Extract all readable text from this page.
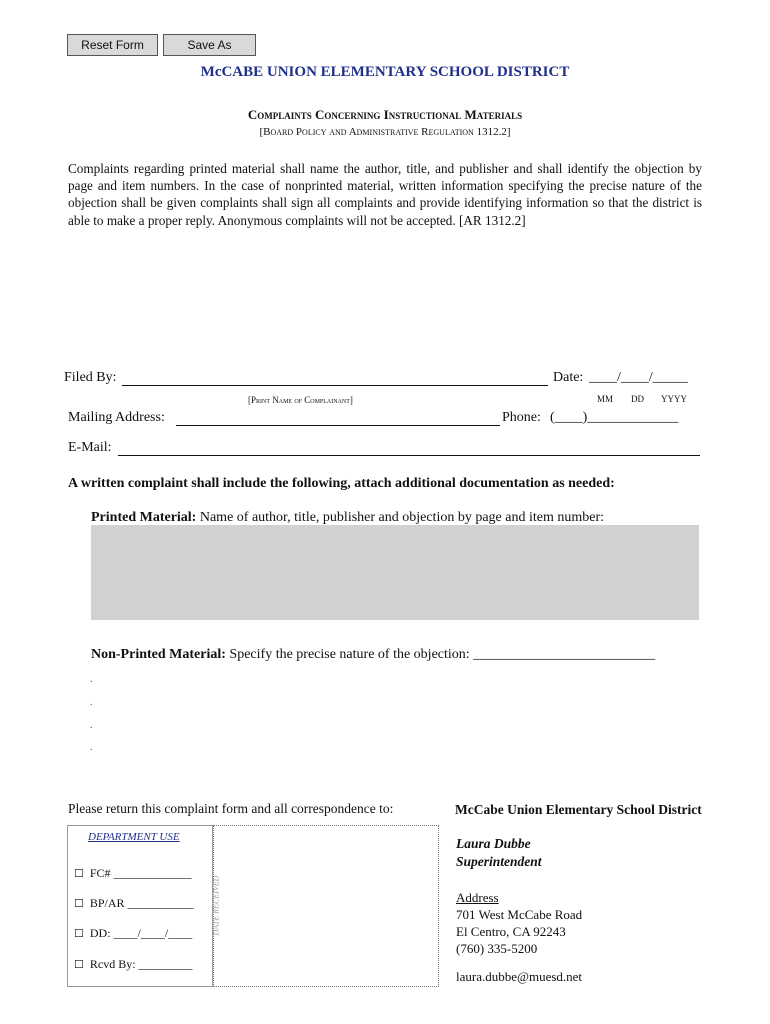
Reset Form	Save As
McCABE UNION ELEMENTARY SCHOOL DISTRICT
Complaints Concerning Instructional Materials
[Board Policy and Administrative Regulation 1312.2]
Complaints regarding printed material shall name the author, title, and publisher and shall identify the objection by page and item numbers. In the case of nonprinted material, written information specifying the precise nature of the objection shall be given complaints shall sign all complaints and provide identifying information so that the district is able to make a proper reply. Anonymous complaints will not be accepted. [AR 1312.2]
Filed By:	Date: ____/____/_____
[Print Name of Complainant]	MM DD YYYY
Mailing Address:	Phone: (____)_____________
E-Mail:
A written complaint shall include the following, attach additional documentation as needed:
Printed Material: Name of author, title, publisher and objection by page and item number:
Non-Printed Material: Specify the precise nature of the objection: __________________________
.
.
.
.
Please return this complaint form and all correspondence to:	McCabe Union Elementary School District
DEPARTMENT USE
☐ FC# _____________
☐ BP/AR ___________
☐ DD: ____/____/____
☐ Rcvd By: _________
DATE RECEIVED
Laura Dubbe
Superintendent
Address
701 West McCabe Road
El Centro, CA 92243
(760) 335-5200
laura.dubbe@muesd.net
